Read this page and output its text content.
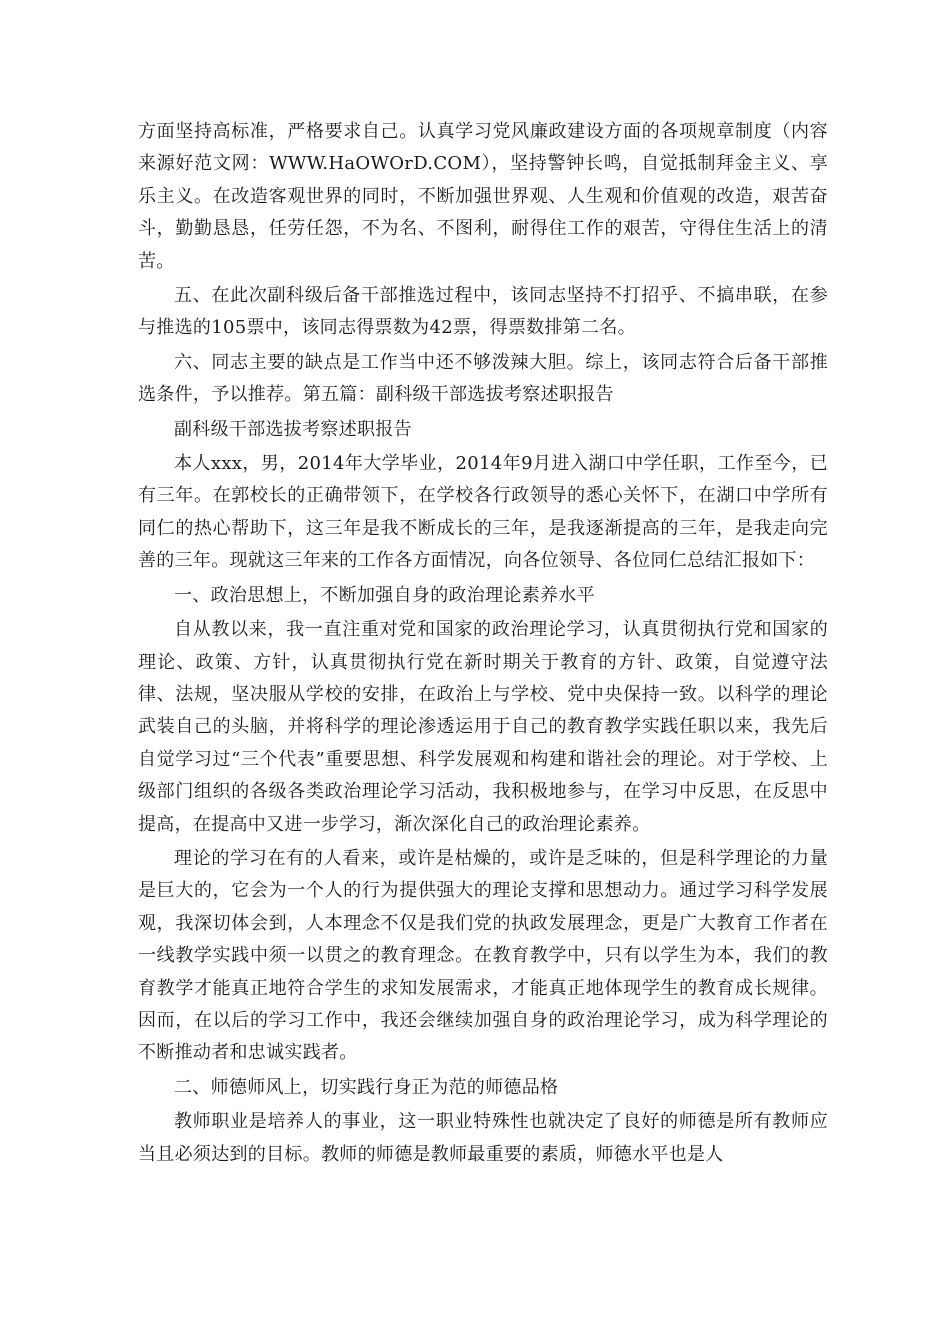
方面坚持高标准，严格要求自己。认真学习党风廉政建设方面的各项规章制度（内容来源好范文网：WWW.HaOWOrD.COM），坚持警钟长鸣，自觉抵制拜金主义、享乐主义。在改造客观世界的同时，不断加强世界观、人生观和价值观的改造，艰苦奋斗，勤勤恳恳，任劳任怨，不为名、不图利，耐得住工作的艰苦，守得住生活上的清苦。

五、在此次副科级后备干部推选过程中，该同志坚持不打招乎、不搞串联，在参与推选的105票中，该同志得票数为42票，得票数排第二名。

六、同志主要的缺点是工作当中还不够泼辣大胆。综上，该同志符合后备干部推选条件，予以推荐。第五篇：副科级干部选拔考察述职报告

副科级干部选拔考察述职报告

本人xxx，男，2014年大学毕业，2014年9月进入湖口中学任职，工作至今，已有三年。在郭校长的正确带领下，在学校各行政领导的悉心关怀下，在湖口中学所有同仁的热心帮助下，这三年是我不断成长的三年，是我逐渐提高的三年，是我走向完善的三年。现就这三年来的工作各方面情况，向各位领导、各位同仁总结汇报如下：

一、政治思想上，不断加强自身的政治理论素养水平

自从教以来，我一直注重对党和国家的政治理论学习，认真贯彻执行党和国家的理论、政策、方针，认真贯彻执行党在新时期关于教育的方针、政策，自觉遵守法律、法规，坚决服从学校的安排，在政治上与学校、党中央保持一致。以科学的理论武装自己的头脑，并将科学的理论渗透运用于自己的教育教学实践任职以来，我先后自觉学习过“三个代表”重要思想、科学发展观和构建和谐社会的理论。对于学校、上级部门组织的各级各类政治理论学习活动，我积极地参与，在学习中反思，在反思中提高，在提高中又进一步学习，渐次深化自己的政治理论素养。

理论的学习在有的人看来，或许是枯燥的，或许是乏味的，但是科学理论的力量是巨大的，它会为一个人的行为提供强大的理论支撑和思想动力。通过学习科学发展观，我深切体会到，人本理念不仅是我们党的执政发展理念，更是广大教育工作者在一线教学实践中须一以贯之的教育理念。在教育教学中，只有以学生为本，我们的教育教学才能真正地符合学生的求知发展需求，才能真正地体现学生的教育成长规律。因而，在以后的学习工作中，我还会继续加强自身的政治理论学习，成为科学理论的不断推动者和忠诚实践者。

二、师德师风上，切实践行身正为范的师德品格

教师职业是培养人的事业，这一职业特殊性也就决定了良好的师德是所有教师应当且必须达到的目标。教师的师德是教师最重要的素质，师德水平也是人
